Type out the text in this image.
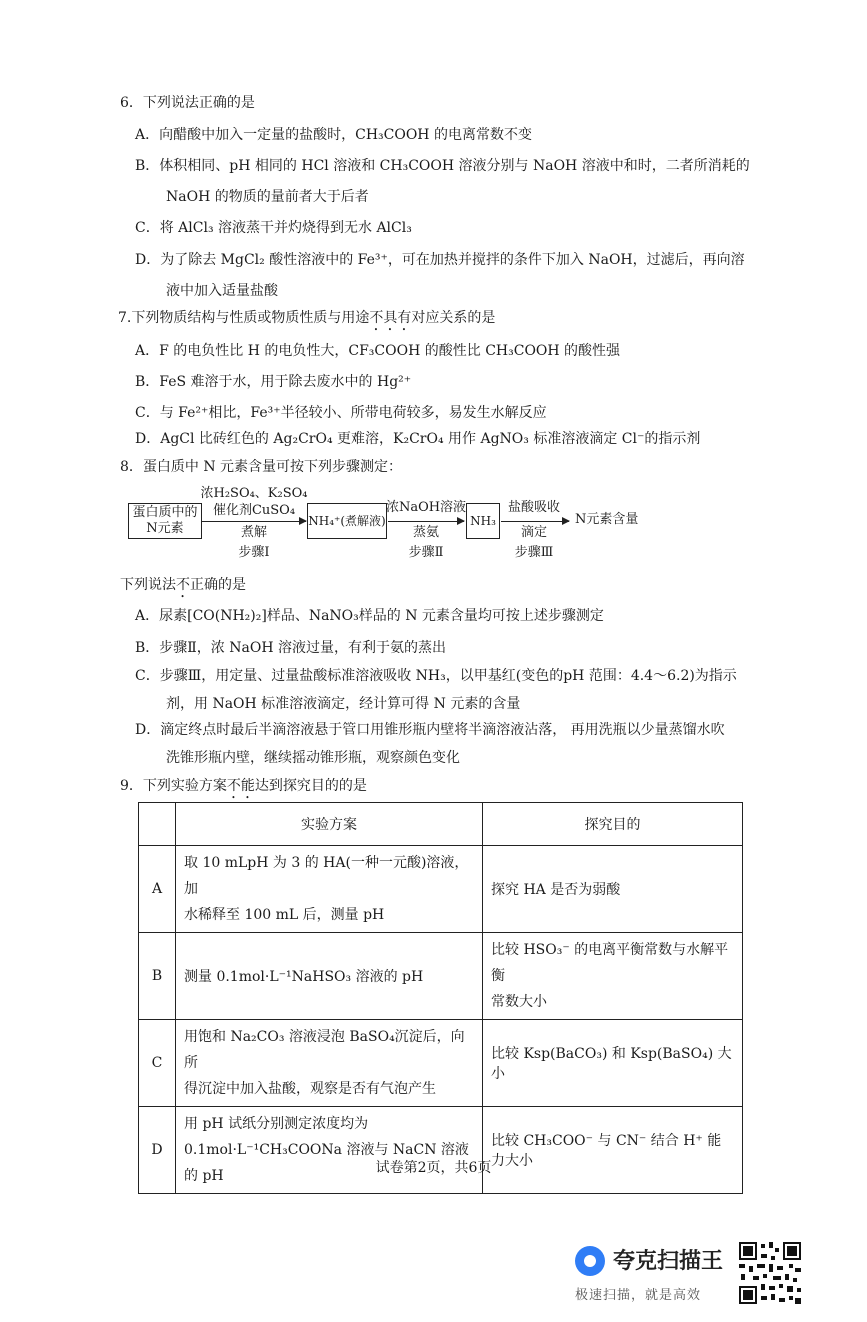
6．下列说法正确的是
A．向醋酸中加入一定量的盐酸时，CH₃COOH 的电离常数不变
B．体积相同、pH 相同的 HCl 溶液和 CH₃COOH 溶液分别与 NaOH 溶液中和时，二者所消耗的
NaOH 的物质的量前者大于后者
C．将 AlCl₃ 溶液蒸干并灼烧得到无水 AlCl₃
D．为了除去 MgCl₂ 酸性溶液中的 Fe³⁺，可在加热并搅拌的条件下加入 NaOH，过滤后，再向溶
液中加入适量盐酸
7.下列物质结构与性质或物质性质与用途不具有对应关系的是
A．F 的电负性比 H 的电负性大，CF₃COOH 的酸性比 CH₃COOH 的酸性强
B．FeS 难溶于水，用于除去废水中的 Hg²⁺
C．与 Fe²⁺相比，Fe³⁺半径较小、所带电荷较多，易发生水解反应
D．AgCl 比砖红色的 Ag₂CrO₄ 更难溶，K₂CrO₄ 用作 AgNO₃ 标准溶液滴定 Cl⁻的指示剂
8．蛋白质中 N 元素含量可按下列步骤测定：
蛋白质中的
N元素
浓H₂SO₄、K₂SO₄
催化剂CuSO₄
煮解
步骤Ⅰ
NH₄⁺(煮解液)
浓NaOH溶液
蒸氨
步骤Ⅱ
NH₃
盐酸吸收
滴定
步骤Ⅲ
N元素含量
下列说法不正确的是
A．尿素[CO(NH₂)₂]样品、NaNO₃样品的 N 元素含量均可按上述步骤测定
B．步骤Ⅱ，浓 NaOH 溶液过量，有利于氨的蒸出
C．步骤Ⅲ，用定量、过量盐酸标准溶液吸收 NH₃，以甲基红(变色的pH 范围：4.4～6.2)为指示
剂，用 NaOH 标准溶液滴定，经计算可得 N 元素的含量
D．滴定终点时最后半滴溶液悬于管口用锥形瓶内壁将半滴溶液沾落， 再用洗瓶以少量蒸馏水吹
洗锥形瓶内壁，继续摇动锥形瓶，观察颜色变化
9．下列实验方案不能达到探究目的的是
	实验方案	探究目的
A	取 10 mLpH 为 3 的 HA(一种一元酸)溶液，加
水稀释至 100 mL 后，测量 pH	探究 HA 是否为弱酸

B	测量 0.1mol·L⁻¹NaHSO₃ 溶液的 pH	比较 HSO₃⁻ 的电离平衡常数与水解平衡
常数大小

C	用饱和 Na₂CO₃ 溶液浸泡 BaSO₄沉淀后，向所
得沉淀中加入盐酸，观察是否有气泡产生	比较 Ksp(BaCO₃) 和 Ksp(BaSO₄) 大小

D	用 pH 试纸分别测定浓度均为
0.1mol·L⁻¹CH₃COONa 溶液与 NaCN 溶液的 pH	比较 CH₃COO⁻ 与 CN⁻ 结合 H⁺ 能力大小
试卷第2页，共6页
夸克扫描王
极速扫描，就是高效
